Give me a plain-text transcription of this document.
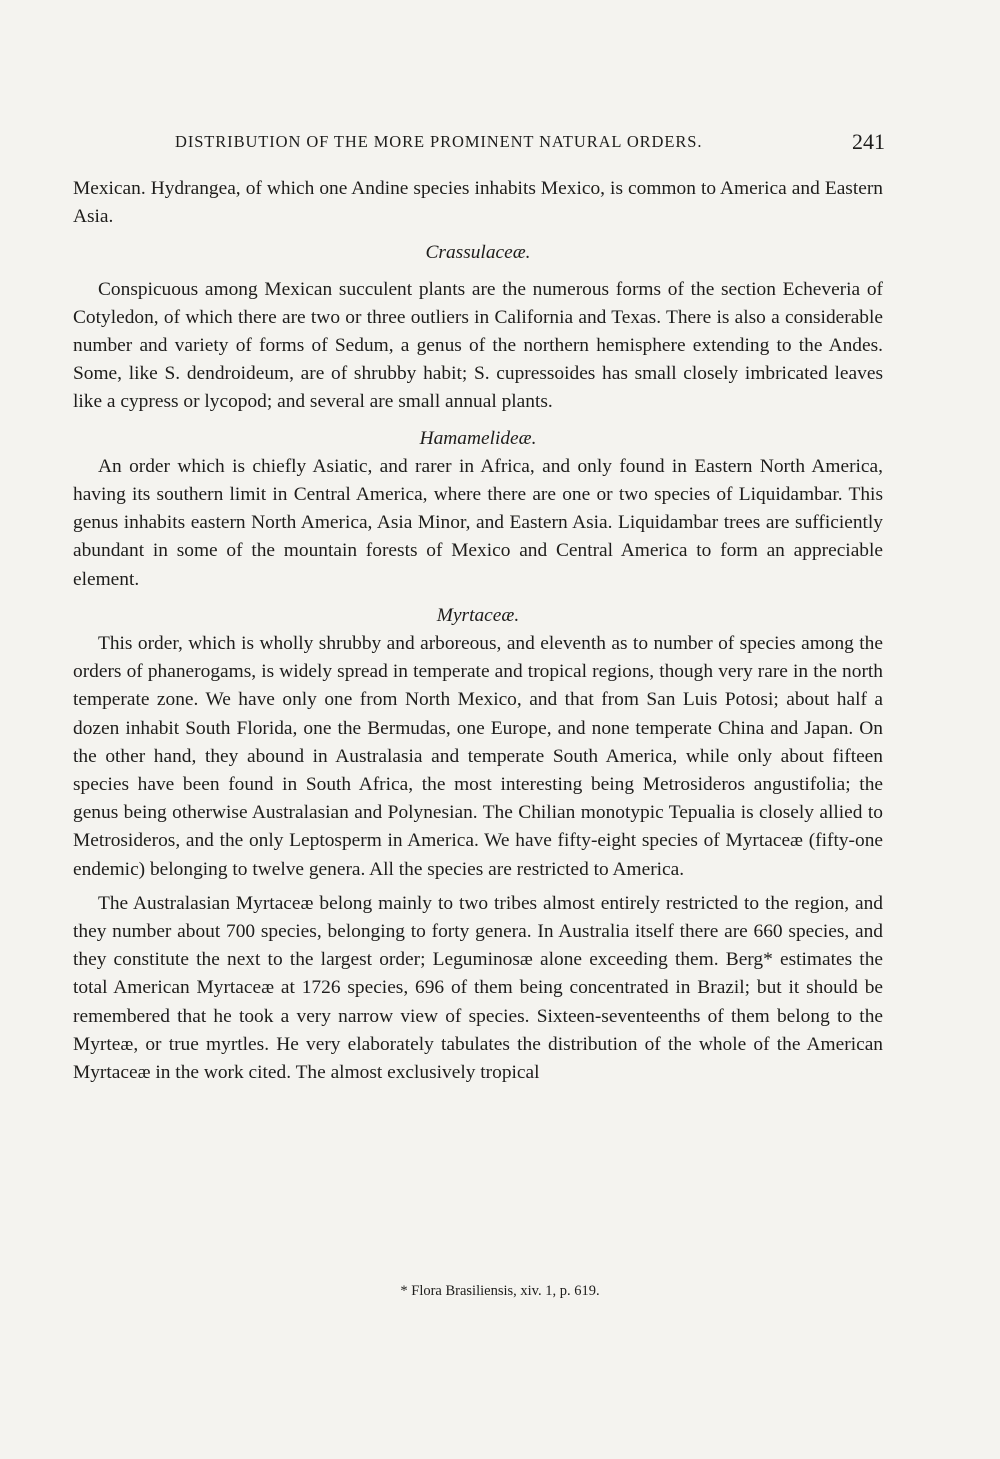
DISTRIBUTION OF THE MORE PROMINENT NATURAL ORDERS.	241

Mexican. Hydrangea, of which one Andine species inhabits Mexico, is common to America and Eastern Asia.

Crassulaceæ.

Conspicuous among Mexican succulent plants are the numerous forms of the section Echeveria of Cotyledon, of which there are two or three outliers in California and Texas. There is also a considerable number and variety of forms of Sedum, a genus of the northern hemisphere extending to the Andes. Some, like S. dendroideum, are of shrubby habit; S. cupressoides has small closely imbricated leaves like a cypress or lycopod; and several are small annual plants.

Hamamelideæ.

An order which is chiefly Asiatic, and rarer in Africa, and only found in Eastern North America, having its southern limit in Central America, where there are one or two species of Liquidambar. This genus inhabits eastern North America, Asia Minor, and Eastern Asia. Liquidambar trees are sufficiently abundant in some of the mountain forests of Mexico and Central America to form an appreciable element.

Myrtaceæ.

This order, which is wholly shrubby and arboreous, and eleventh as to number of species among the orders of phanerogams, is widely spread in temperate and tropical regions, though very rare in the north temperate zone. We have only one from North Mexico, and that from San Luis Potosi; about half a dozen inhabit South Florida, one the Bermudas, one Europe, and none temperate China and Japan. On the other hand, they abound in Australasia and temperate South America, while only about fifteen species have been found in South Africa, the most interesting being Metrosideros angustifolia; the genus being otherwise Australasian and Polynesian. The Chilian monotypic Tepualia is closely allied to Metrosideros, and the only Leptosperm in America. We have fifty-eight species of Myrtaceæ (fifty-one endemic) belonging to twelve genera. All the species are restricted to America.

The Australasian Myrtaceæ belong mainly to two tribes almost entirely restricted to the region, and they number about 700 species, belonging to forty genera. In Australia itself there are 660 species, and they constitute the next to the largest order; Leguminosæ alone exceeding them. Berg* estimates the total American Myrtaceæ at 1726 species, 696 of them being concentrated in Brazil; but it should be remembered that he took a very narrow view of species. Sixteen-seventeenths of them belong to the Myrteæ, or true myrtles. He very elaborately tabulates the distribution of the whole of the American Myrtaceæ in the work cited. The almost exclusively tropical

* Flora Brasiliensis, xiv. 1, p. 619.
